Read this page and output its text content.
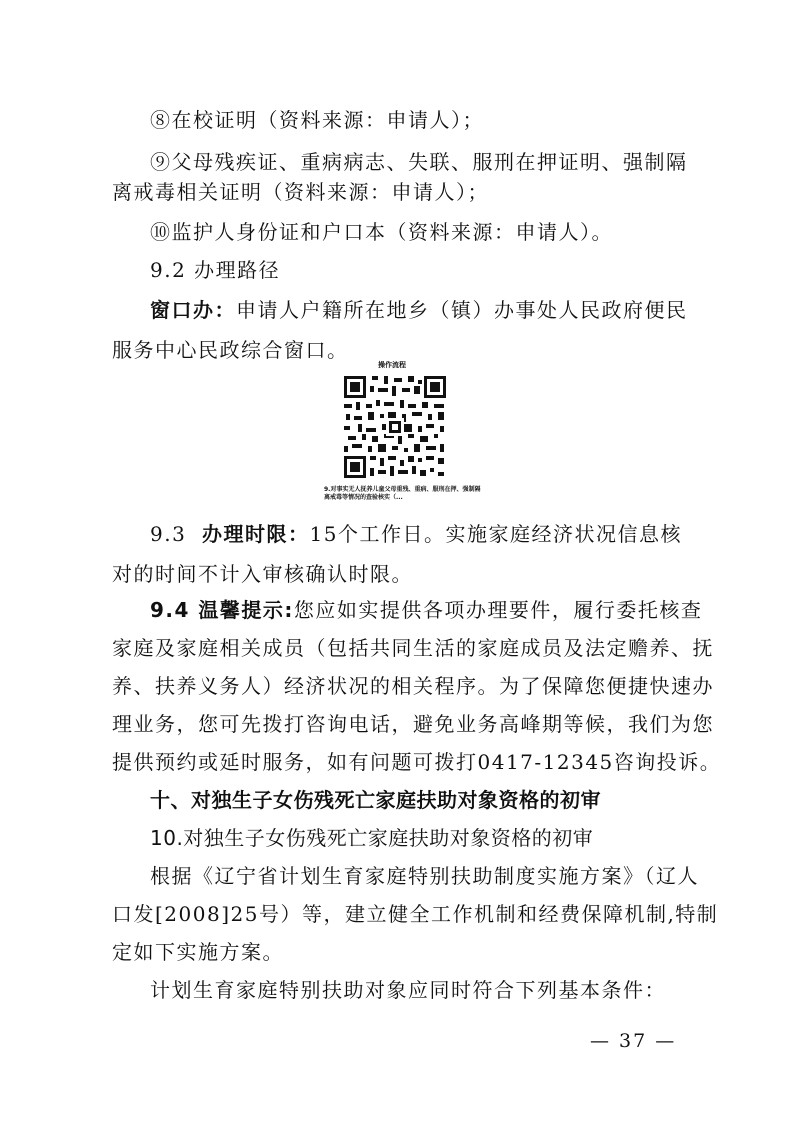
⑧在校证明（资料来源：申请人）；
⑨父母残疾证、重病病志、失联、服刑在押证明、强制隔
离戒毒相关证明（资料来源：申请人）；
⑩监护人身份证和户口本（资料来源：申请人）。
9.2 办理路径
窗口办：申请人户籍所在地乡（镇）办事处人民政府便民
服务中心民政综合窗口。
操作流程
9.对事实无人抚养儿童父母重残、重病、服刑在押、强制隔离戒毒等情况的查验核实（...
9.3 办理时限：15个工作日。实施家庭经济状况信息核
对的时间不计入审核确认时限。
9.4 温馨提示:您应如实提供各项办理要件，履行委托核查
家庭及家庭相关成员（包括共同生活的家庭成员及法定赡养、抚
养、扶养义务人）经济状况的相关程序。为了保障您便捷快速办
理业务，您可先拨打咨询电话，避免业务高峰期等候，我们为您
提供预约或延时服务，如有问题可拨打0417-12345咨询投诉。
十、对独生子女伤残死亡家庭扶助对象资格的初审
10.对独生子女伤残死亡家庭扶助对象资格的初审
根据《辽宁省计划生育家庭特别扶助制度实施方案》（辽人
口发[2008]25号）等，建立健全工作机制和经费保障机制,特制
定如下实施方案。
计划生育家庭特别扶助对象应同时符合下列基本条件：
— 37 —
